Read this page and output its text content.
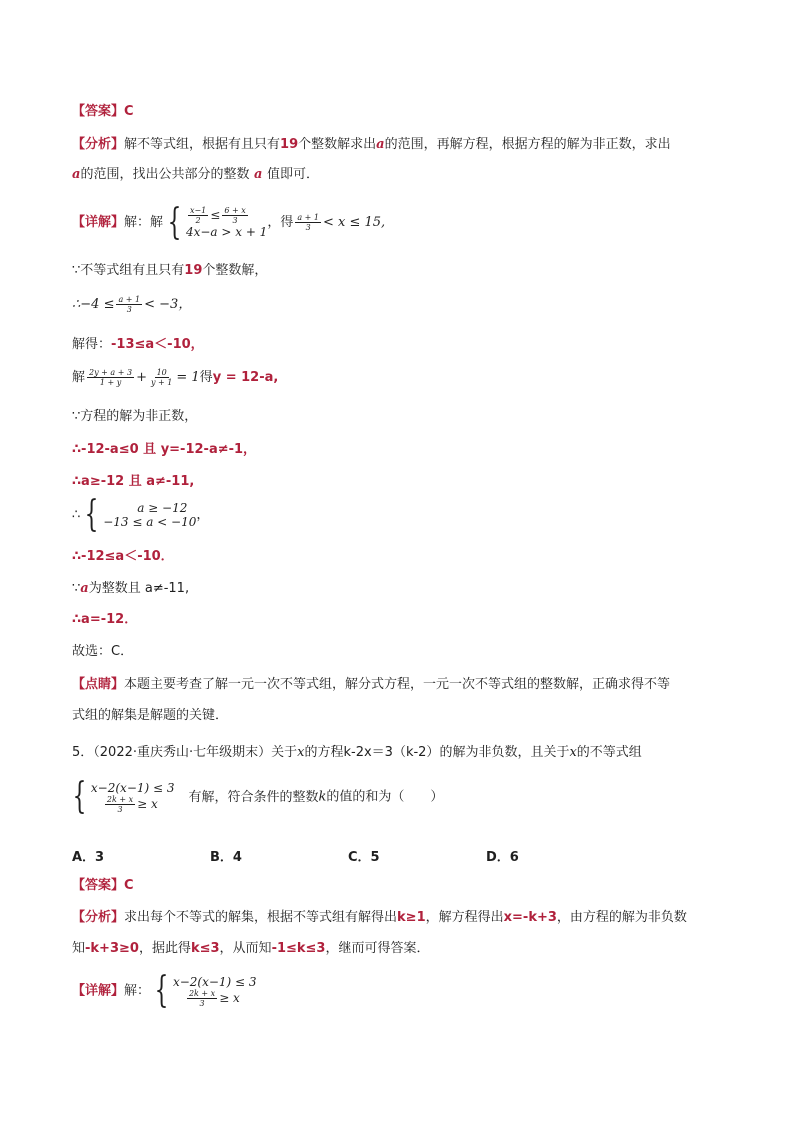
【答案】C
【分析】解不等式组，根据有且只有19个整数解求出a的范围，再解方程，根据方程的解为非正数，求出
a的范围，找出公共部分的整数 a 值即可．
【详解】解：解 { $\frac{x-1}{2} \le \frac{6 + x}{3}$
4x−a > x + 1
，得 $\frac{a + 1}{3} < x \le 15$,
∵不等式组有且只有19个整数解，
∴−4 ≤ $\frac{a + 1}{3} < -3$，
解得：-13≤a＜-10，
解 $\frac{2y + a + 3}{1 + y} + \frac{10}{y + 1} = 1$得y = 12-a,
∵方程的解为非正数，
∴-12-a≤0 且 y=-12-a≠-1，
∴a≥-12 且 a≠-11,
∴ {	a ≥ −12
−13 ≤ a < −10 ，
∴-12≤a＜-10．
∵a为整数且 a≠-11,
∴a=-12．
故选：C．
【点睛】本题主要考查了解一元一次不等式组，解分式方程，一元一次不等式组的整数解，正确求得不等
式组的解集是解题的关键．
5．（2022·重庆秀山·七年级期末）关于x的方程k-2x＝3（k-2）的解为非负数，且关于x的不等式组
{ x−2(x−1) ≤ 3
$\frac{2k + x}{3} \ge x$	有解，符合条件的整数k的值的和为（　　）
A．3	B．4	C．5	D．6
【答案】C
【分析】求出每个不等式的解集，根据不等式组有解得出k≥1，解方程得出x=-k+3，由方程的解为非负数
知-k+3≥0，据此得k≤3，从而知-1≤k≤3，继而可得答案．
【详解】解： { x−2(x−1) ≤ 3
$\frac{2k + x}{3} \ge x$
